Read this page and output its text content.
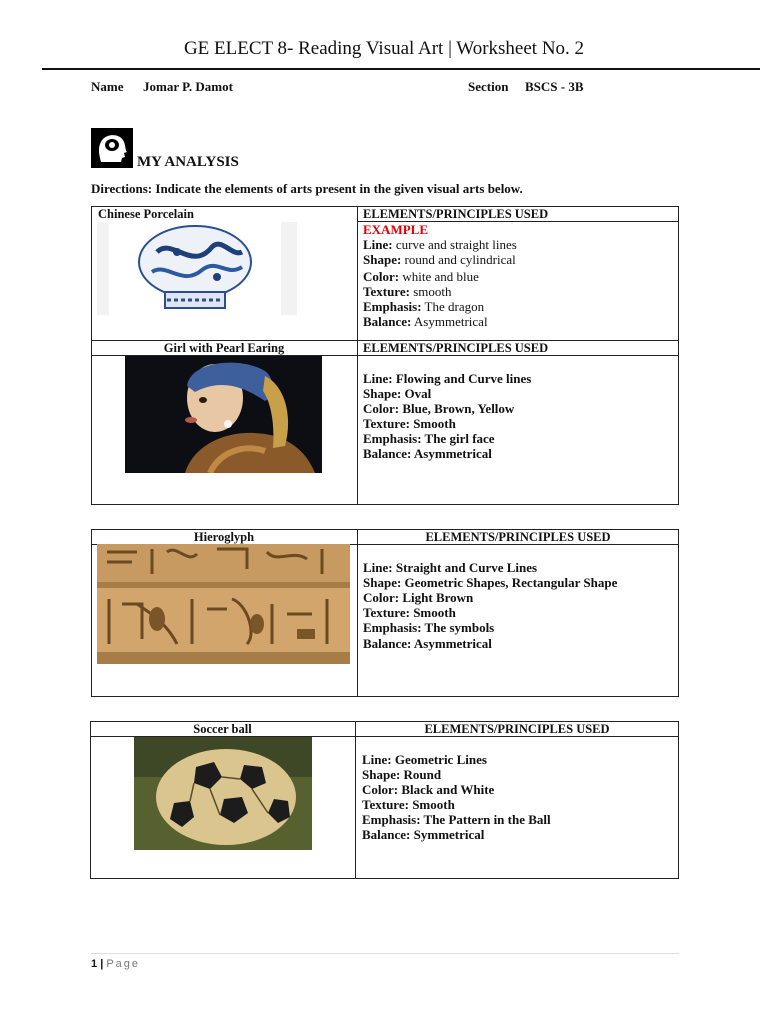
GE ELECT 8- Reading Visual Art | Worksheet No. 2
Name Jomar P. Damot	Section BSCS - 3B
MY ANALYSIS
Directions: Indicate the elements of arts present in the given visual arts below.
Chinese Porcelain	ELEMENTS/PRINCIPLES USED
EXAMPLE
Line: curve and straight lines
Shape: round and cylindrical
Color: white and blue
Texture: smooth
Emphasis: The dragon
Balance: Asymmetrical
Girl with Pearl Earing	ELEMENTS/PRINCIPLES USED
Line: Flowing and Curve lines
Shape: Oval
Color: Blue, Brown, Yellow
Texture: Smooth
Emphasis: The girl face
Balance: Asymmetrical
Hieroglyph	ELEMENTS/PRINCIPLES USED
Line: Straight and Curve Lines
Shape: Geometric Shapes, Rectangular Shape
Color: Light Brown
Texture: Smooth
Emphasis: The symbols
Balance: Asymmetrical
Soccer ball	ELEMENTS/PRINCIPLES USED
Line: Geometric Lines
Shape: Round
Color: Black and White
Texture: Smooth
Emphasis: The Pattern in the Ball
Balance: Symmetrical
1 | Page
